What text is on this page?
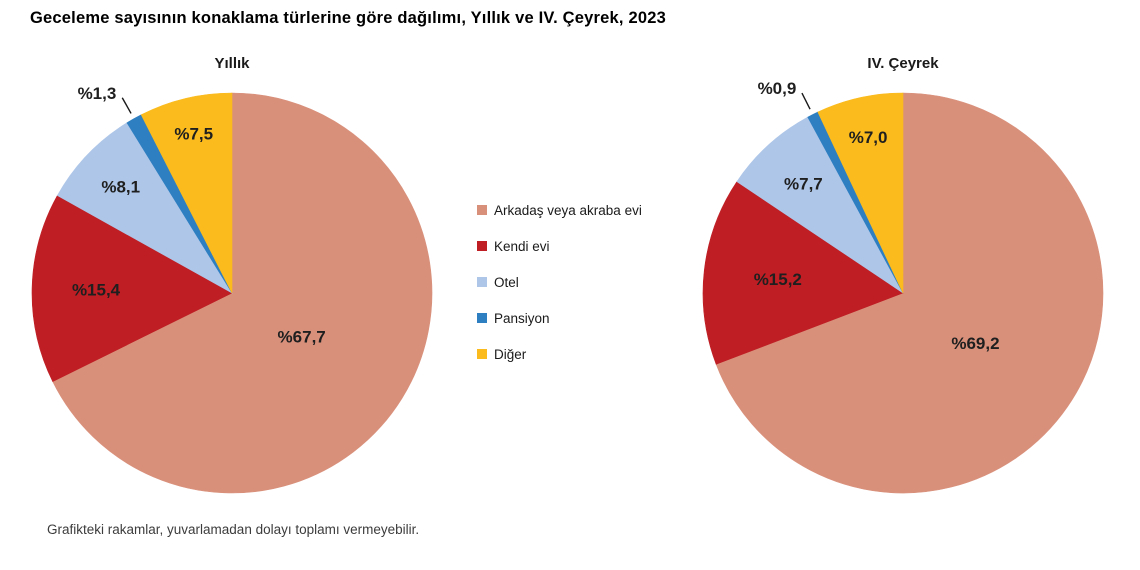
Geceleme sayısının konaklama türlerine göre dağılımı, Yıllık ve IV. Çeyrek, 2023
Yıllık
%67,7
%15,4
%8,1
%1,3
%7,5
Arkadaş veya akraba evi
Kendi evi
Otel
Pansiyon
Diğer
IV. Çeyrek
%69,2
%15,2
%7,7
%0,9
%7,0
Grafikteki rakamlar, yuvarlamadan dolayı toplamı vermeyebilir.
